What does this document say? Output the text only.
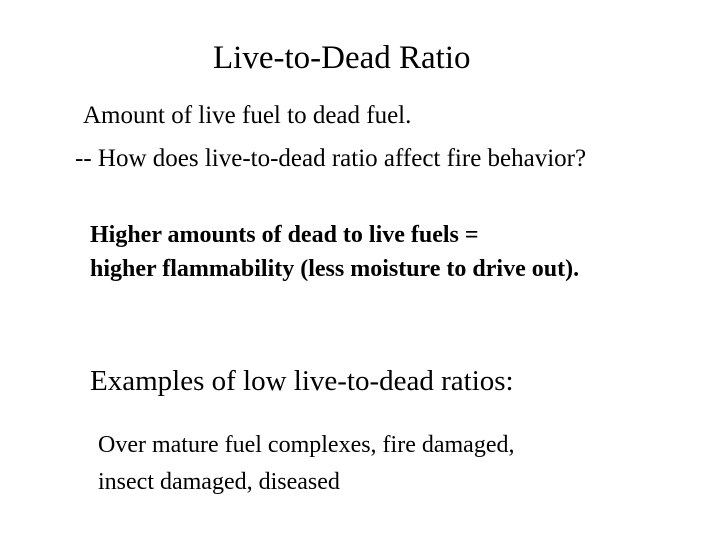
Live-to-Dead Ratio
Amount of live fuel to dead fuel.
-- How does live-to-dead ratio affect fire behavior?
Higher amounts of dead to live fuels =
higher flammability (less moisture to drive out).
Examples of low live-to-dead ratios:
Over mature fuel complexes, fire damaged,
insect damaged, diseased
